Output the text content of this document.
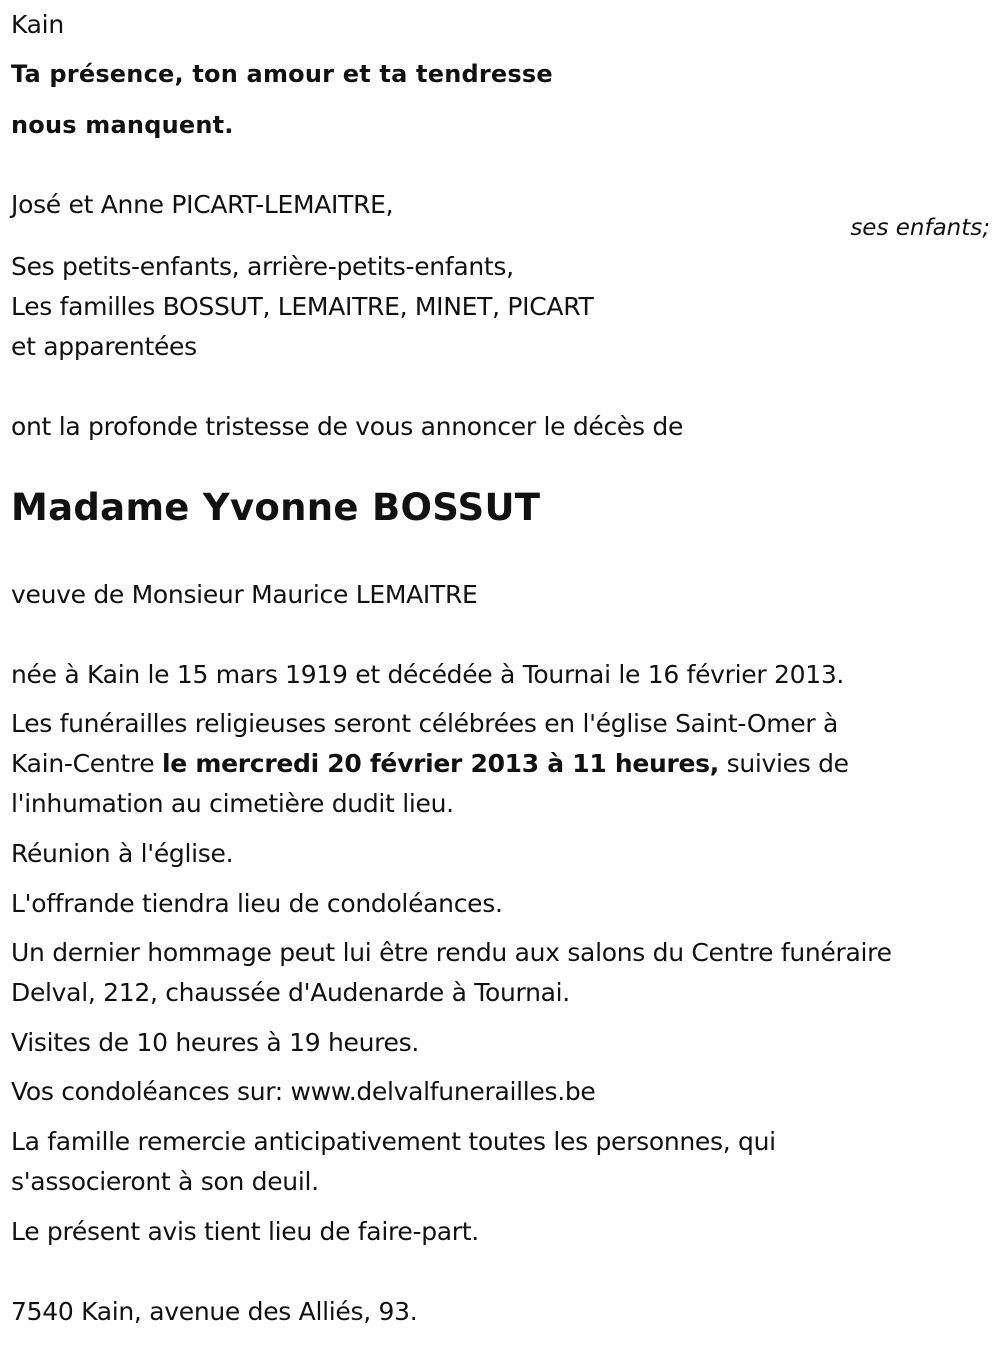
Kain
Ta présence, ton amour et ta tendresse
nous manquent.
José et Anne PICART-LEMAITRE,
ses enfants;
Ses petits-enfants, arrière-petits-enfants,
Les familles BOSSUT, LEMAITRE, MINET, PICART
et apparentées
ont la profonde tristesse de vous annoncer le décès de
Madame Yvonne BOSSUT
veuve de Monsieur Maurice LEMAITRE
née à Kain le 15 mars 1919 et décédée à Tournai le 16 février 2013.
Les funérailles religieuses seront célébrées en l'église Saint-Omer à
Kain-Centre le mercredi 20 février 2013 à 11 heures, suivies de
l'inhumation au cimetière dudit lieu.
Réunion à l'église.
L'offrande tiendra lieu de condoléances.
Un dernier hommage peut lui être rendu aux salons du Centre funéraire
Delval, 212, chaussée d'Audenarde à Tournai.
Visites de 10 heures à 19 heures.
Vos condoléances sur: www.delvalfunerailles.be
La famille remercie anticipativement toutes les personnes, qui
s'associeront à son deuil.
Le présent avis tient lieu de faire-part.
7540 Kain, avenue des Alliés, 93.
